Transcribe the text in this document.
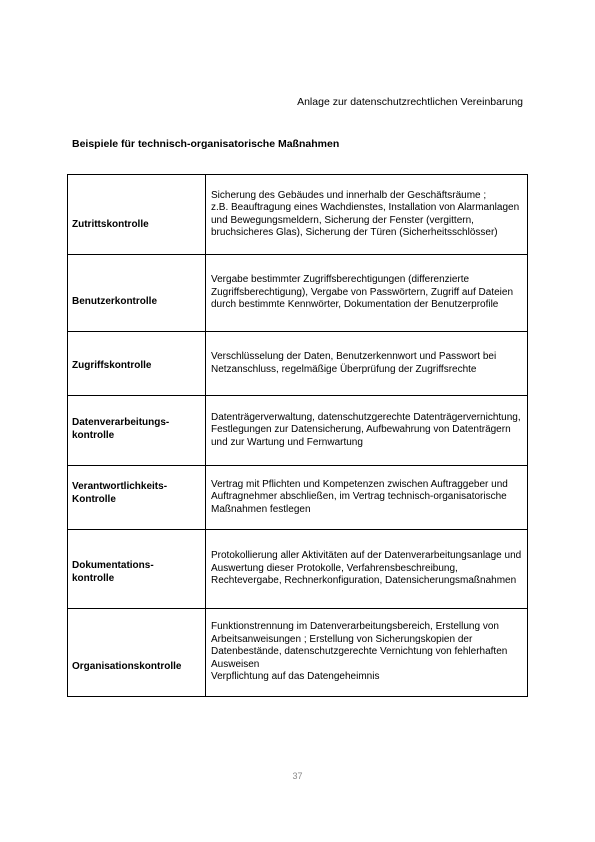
Anlage zur datenschutzrechtlichen Vereinbarung
Beispiele für technisch-organisatorische Maßnahmen
Zutrittskontrolle	Sicherung des Gebäudes und innerhalb der Geschäftsräume ;
z.B. Beauftragung eines Wachdienstes, Installation von Alarmanlagen und Bewegungsmeldern, Sicherung der Fenster (vergittern, bruchsicheres Glas), Sicherung der Türen (Sicherheitsschlösser)
Benutzerkontrolle	Vergabe bestimmter Zugriffsberechtigungen (differenzierte Zugriffsberechtigung), Vergabe von Passwörtern, Zugriff auf Dateien durch bestimmte Kennwörter, Dokumentation der Benutzerprofile
Zugriffskontrolle	Verschlüsselung der Daten, Benutzerkennwort und Passwort bei Netzanschluss, regelmäßige Überprüfung der Zugriffsrechte
Datenverarbeitungs-
kontrolle	Datenträgerverwaltung, datenschutzgerechte Datenträgervernichtung, Festlegungen zur Datensicherung, Aufbewahrung von Datenträgern und zur Wartung und Fernwartung
Verantwortlichkeits-
Kontrolle	Vertrag mit Pflichten und Kompetenzen zwischen Auftraggeber und Auftragnehmer abschließen, im Vertrag technisch-organisatorische Maßnahmen festlegen
Dokumentations-
kontrolle	Protokollierung aller Aktivitäten auf der Datenverarbeitungsanlage und Auswertung dieser Protokolle, Verfahrensbeschreibung, Rechtevergabe, Rechnerkonfiguration, Datensicherungsmaßnahmen
Organisationskontrolle	Funktionstrennung im Datenverarbeitungsbereich, Erstellung von Arbeitsanweisungen ; Erstellung von Sicherungskopien der Datenbestände, datenschutzgerechte Vernichtung von fehlerhaften Ausweisen
Verpflichtung auf das Datengeheimnis
37
